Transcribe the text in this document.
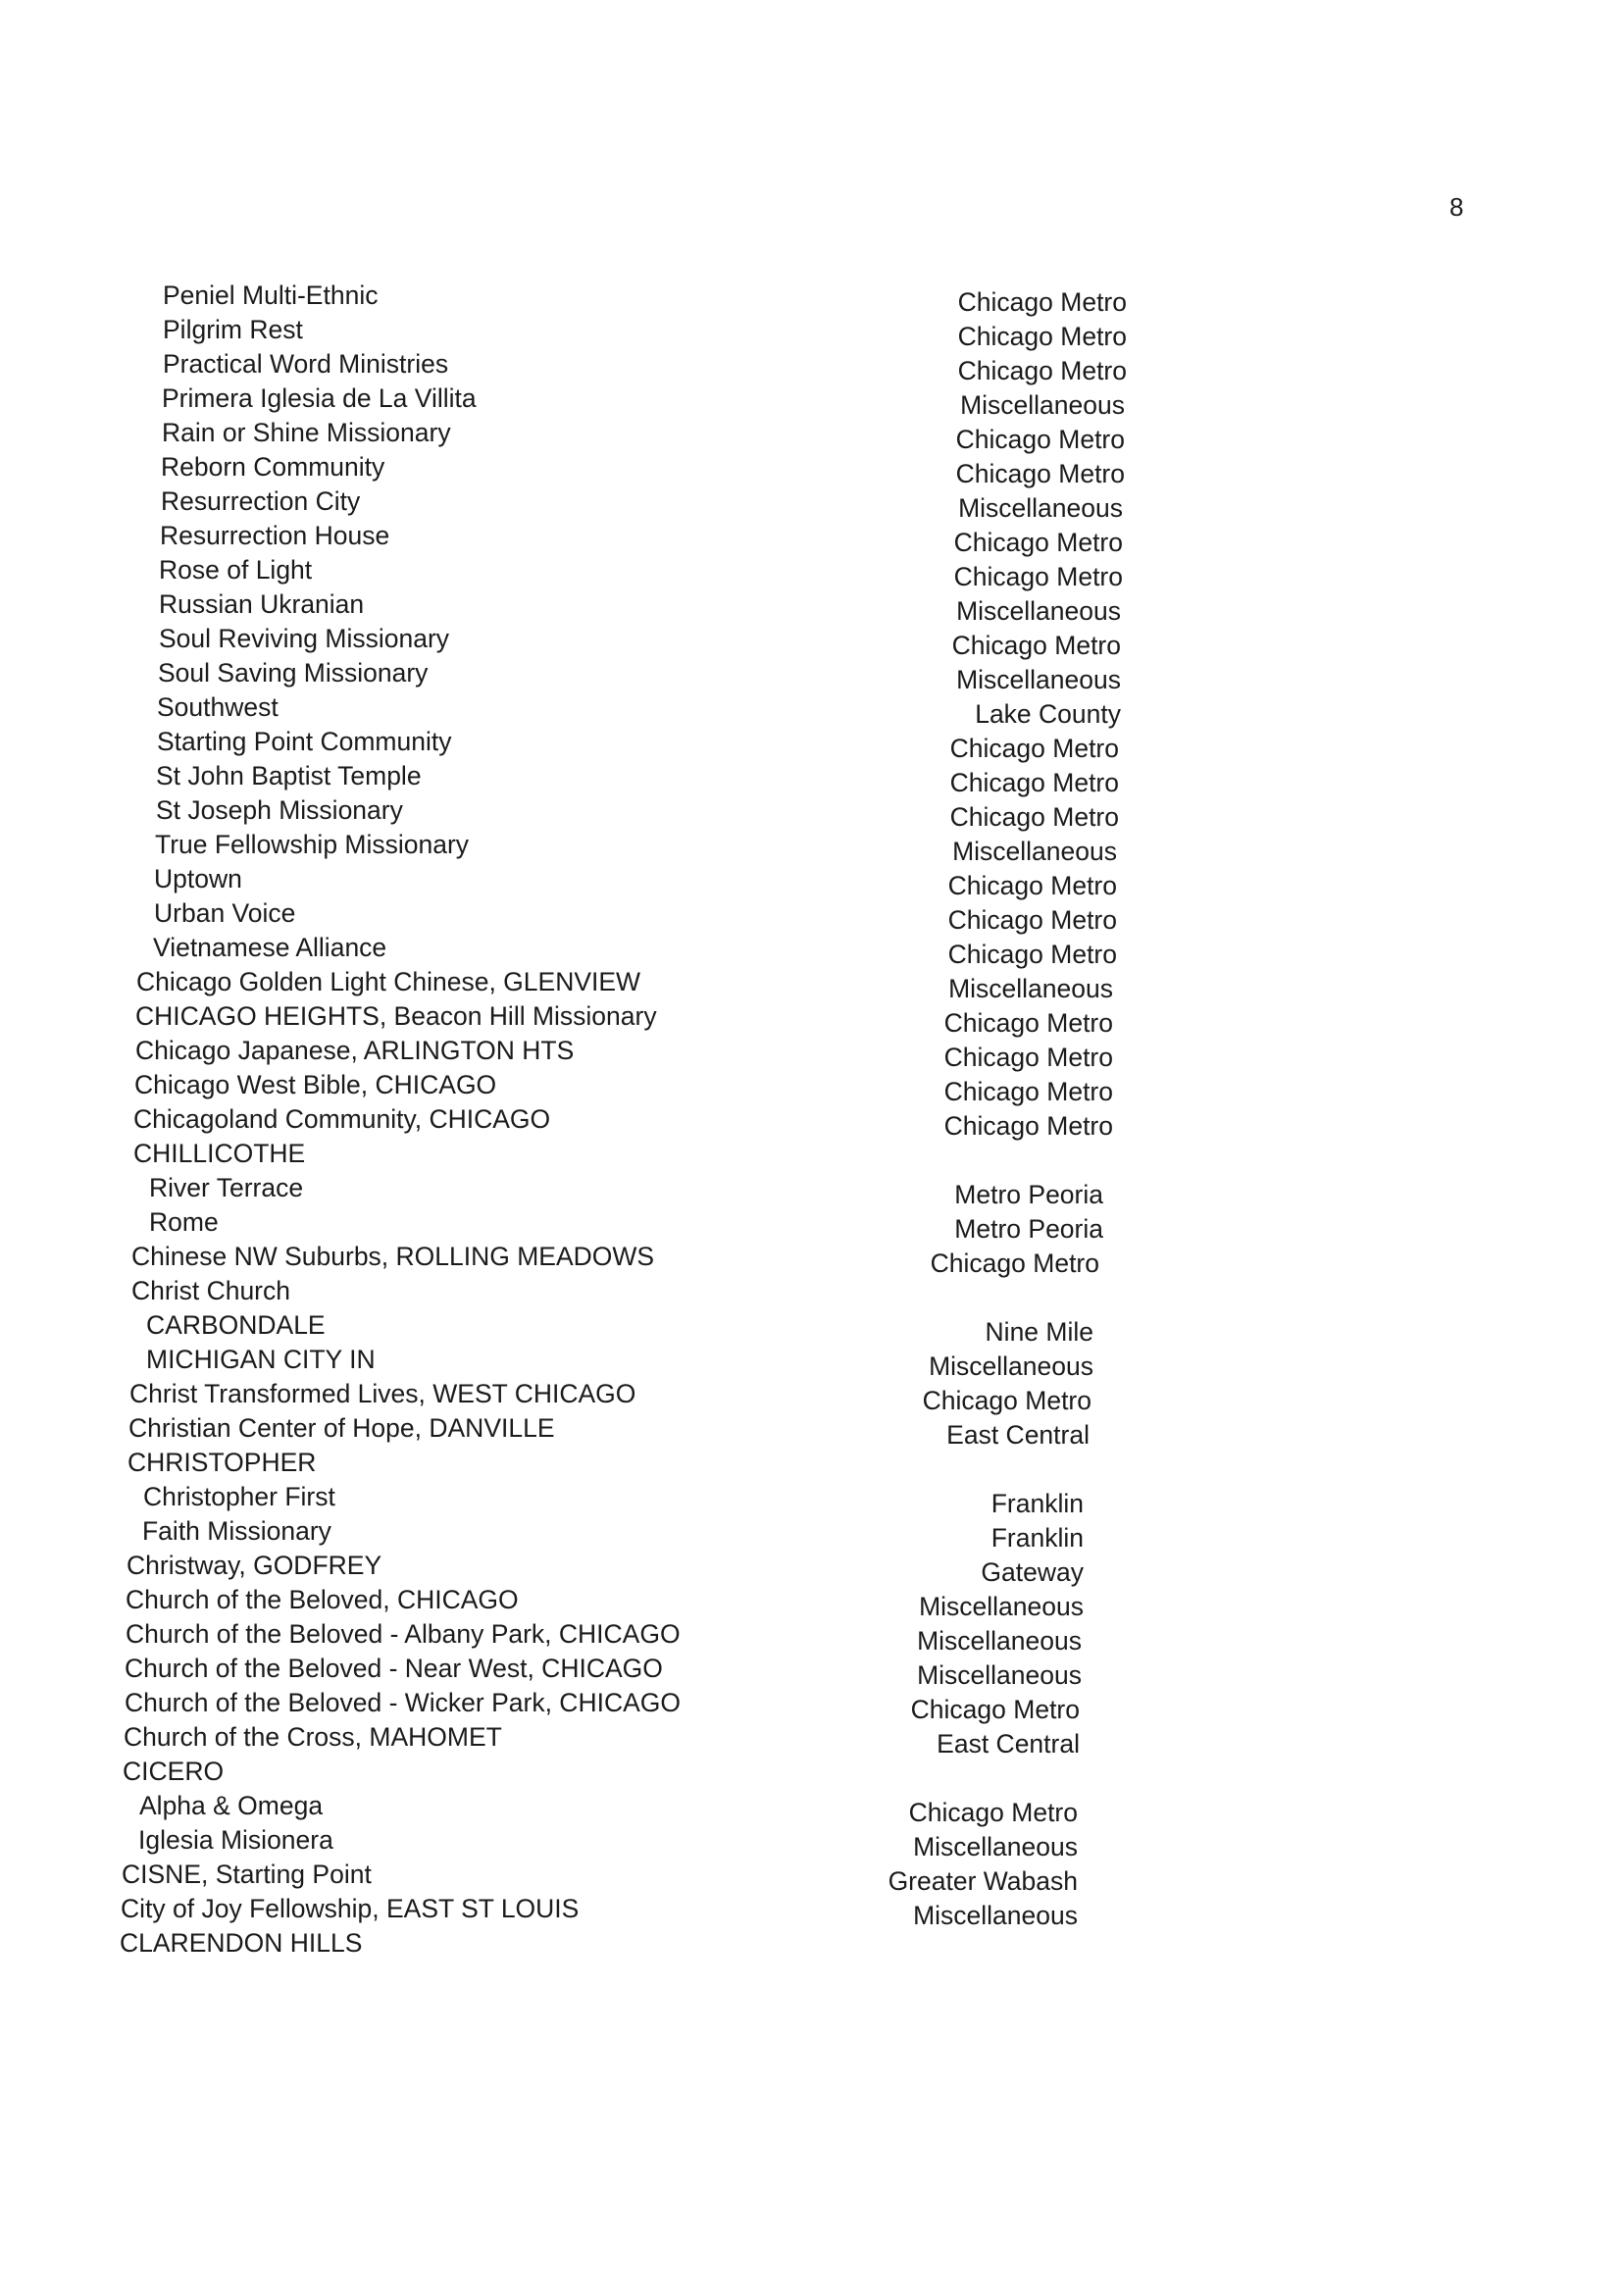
8
Peniel Multi-Ethnic	Chicago Metro
Pilgrim Rest	Chicago Metro
Practical Word Ministries	Chicago Metro
Primera Iglesia de La Villita	Miscellaneous
Rain or Shine Missionary	Chicago Metro
Reborn Community	Chicago Metro
Resurrection City	Miscellaneous
Resurrection House	Chicago Metro
Rose of Light	Chicago Metro
Russian Ukranian	Miscellaneous
Soul Reviving Missionary	Chicago Metro
Soul Saving Missionary	Miscellaneous
Southwest	Lake County
Starting Point Community	Chicago Metro
St John Baptist Temple	Chicago Metro
St Joseph Missionary	Chicago Metro
True Fellowship Missionary	Miscellaneous
Uptown	Chicago Metro
Urban Voice	Chicago Metro
Vietnamese Alliance	Chicago Metro
Chicago Golden Light Chinese, GLENVIEW	Miscellaneous
CHICAGO HEIGHTS, Beacon Hill Missionary	Chicago Metro
Chicago Japanese, ARLINGTON HTS	Chicago Metro
Chicago West Bible, CHICAGO	Chicago Metro
Chicagoland Community, CHICAGO	Chicago Metro
CHILLICOTHE
River Terrace	Metro Peoria
Rome	Metro Peoria
Chinese NW Suburbs, ROLLING MEADOWS	Chicago Metro
Christ Church
CARBONDALE	Nine Mile
MICHIGAN CITY IN	Miscellaneous
Christ Transformed Lives, WEST CHICAGO	Chicago Metro
Christian Center of Hope, DANVILLE	East Central
CHRISTOPHER
Christopher First	Franklin
Faith Missionary	Franklin
Christway, GODFREY	Gateway
Church of the Beloved, CHICAGO	Miscellaneous
Church of the Beloved - Albany Park, CHICAGO	Miscellaneous
Church of the Beloved - Near West, CHICAGO	Miscellaneous
Church of the Beloved - Wicker Park, CHICAGO	Chicago Metro
Church of the Cross, MAHOMET	East Central
CICERO
Alpha & Omega	Chicago Metro
Iglesia Misionera	Miscellaneous
CISNE, Starting Point	Greater Wabash
City of Joy Fellowship, EAST ST LOUIS	Miscellaneous
CLARENDON HILLS
